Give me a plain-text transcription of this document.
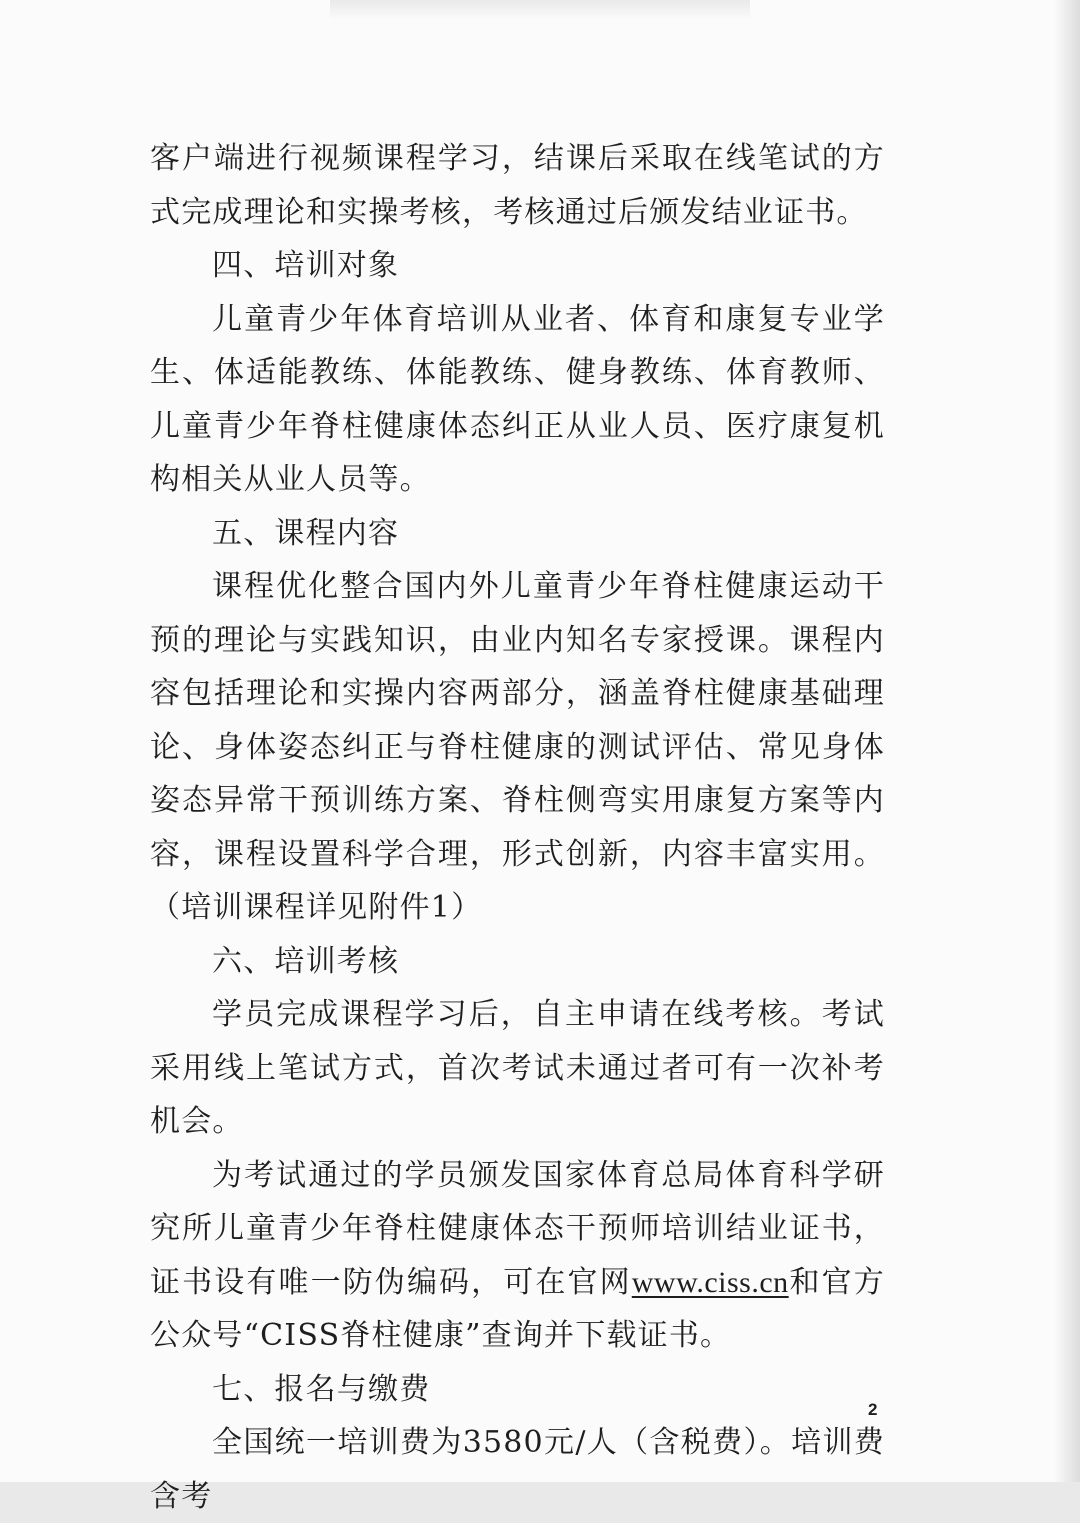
客户端进行视频课程学习，结课后采取在线笔试的方式完成理论和实操考核，考核通过后颁发结业证书。

四、培训对象

儿童青少年体育培训从业者、体育和康复专业学生、体适能教练、体能教练、健身教练、体育教师、儿童青少年脊柱健康体态纠正从业人员、医疗康复机构相关从业人员等。

五、课程内容

课程优化整合国内外儿童青少年脊柱健康运动干预的理论与实践知识，由业内知名专家授课。课程内容包括理论和实操内容两部分，涵盖脊柱健康基础理论、身体姿态纠正与脊柱健康的测试评估、常见身体姿态异常干预训练方案、脊柱侧弯实用康复方案等内容，课程设置科学合理，形式创新，内容丰富实用。（培训课程详见附件1）

六、培训考核

学员完成课程学习后，自主申请在线考核。考试采用线上笔试方式，首次考试未通过者可有一次补考机会。

为考试通过的学员颁发国家体育总局体育科学研究所儿童青少年脊柱健康体态干预师培训结业证书，证书设有唯一防伪编码，可在官网www.ciss.cn和官方公众号“CISS脊柱健康”查询并下载证书。

七、报名与缴费

全国统一培训费为3580元/人（含税费）。培训费含考

2
